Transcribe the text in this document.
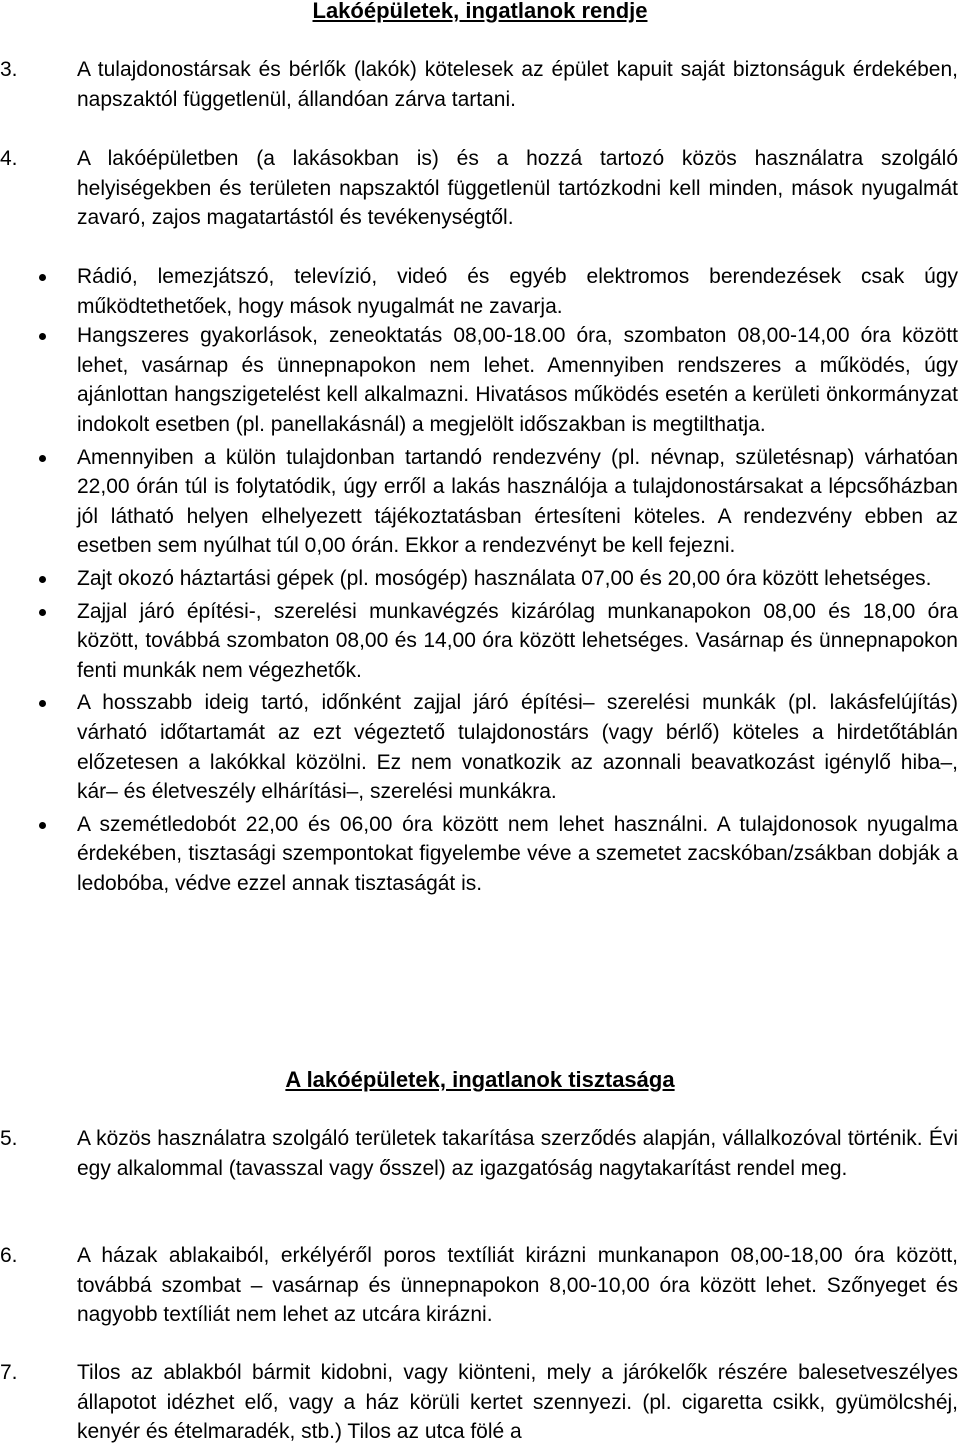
Lakóépületek, ingatlanok rendje
3.	A tulajdonostársak és bérlők (lakók) kötelesek az épület kapuit saját biztonságuk érdekében, napszaktól függetlenül, állandóan zárva tartani.

4.	A lakóépületben (a lakásokban is) és a hozzá tartozó közös használatra szolgáló helyiségekben és területen napszaktól függetlenül tartózkodni kell minden, mások nyugalmát zavaró, zajos magatartástól és tevékenységtől.

Rádió, lemezjátszó, televízió, videó és egyéb elektromos berendezések csak úgy működtethetőek, hogy mások nyugalmát ne zavarja.

Hangszeres gyakorlások, zeneoktatás 08,00-18.00 óra, szombaton 08,00-14,00 óra között lehet, vasárnap és ünnepnapokon nem lehet. Amennyiben rendszeres a működés, úgy ajánlottan hangszigetelést kell alkalmazni. Hivatásos működés esetén a kerületi önkormányzat indokolt esetben (pl. panellakásnál) a megjelölt időszakban is megtilthatja.

Amennyiben a külön tulajdonban tartandó rendezvény (pl. névnap, születésnap) várhatóan 22,00 órán túl is folytatódik, úgy erről a lakás használója a tulajdonostársakat a lépcsőházban jól látható helyen elhelyezett tájékoztatásban értesíteni köteles. A rendezvény ebben az esetben sem nyúlhat túl 0,00 órán. Ekkor a rendezvényt be kell fejezni.

Zajt okozó háztartási gépek (pl. mosógép) használata 07,00 és 20,00 óra között lehetséges.

Zajjal járó építési-, szerelési munkavégzés kizárólag munkanapokon 08,00 és 18,00 óra között, továbbá szombaton 08,00 és 14,00 óra között lehetséges. Vasárnap és ünnepnapokon fenti munkák nem végezhetők.

A hosszabb ideig tartó, időnként zajjal járó építési– szerelési munkák (pl. lakásfelújítás) várható időtartamát az ezt végeztető tulajdonostárs (vagy bérlő) köteles a hirdetőtáblán előzetesen a lakókkal közölni. Ez nem vonatkozik az azonnali beavatkozást igénylő hiba–, kár– és életveszély elhárítási–, szerelési munkákra.

A szemétledobót 22,00 és 06,00 óra között nem lehet használni. A tulajdonosok nyugalma érdekében, tisztasági szempontokat figyelembe véve a szemetet zacskóban/zsákban dobják a ledobóba, védve ezzel annak tisztaságát is.

A lakóépületek, ingatlanok tisztasága
5.	A közös használatra szolgáló területek takarítása szerződés alapján, vállalkozóval történik. Évi egy alkalommal (tavasszal vagy ősszel) az igazgatóság nagytakarítást rendel meg.

6.	A házak ablakaiból, erkélyéről poros textíliát kirázni munkanapon 08,00-18,00 óra között, továbbá szombat – vasárnap és ünnepnapokon 8,00-10,00 óra között lehet. Szőnyeget és nagyobb textíliát nem lehet az utcára kirázni.

7.	Tilos az ablakból bármit kidobni, vagy kiönteni, mely a járókelők részére balesetveszélyes állapotot idézhet elő, vagy a ház körüli kertet szennyezi. (pl. cigaretta csikk, gyümölcshéj, kenyér és ételmaradék, stb.) Tilos az utca fölé a
